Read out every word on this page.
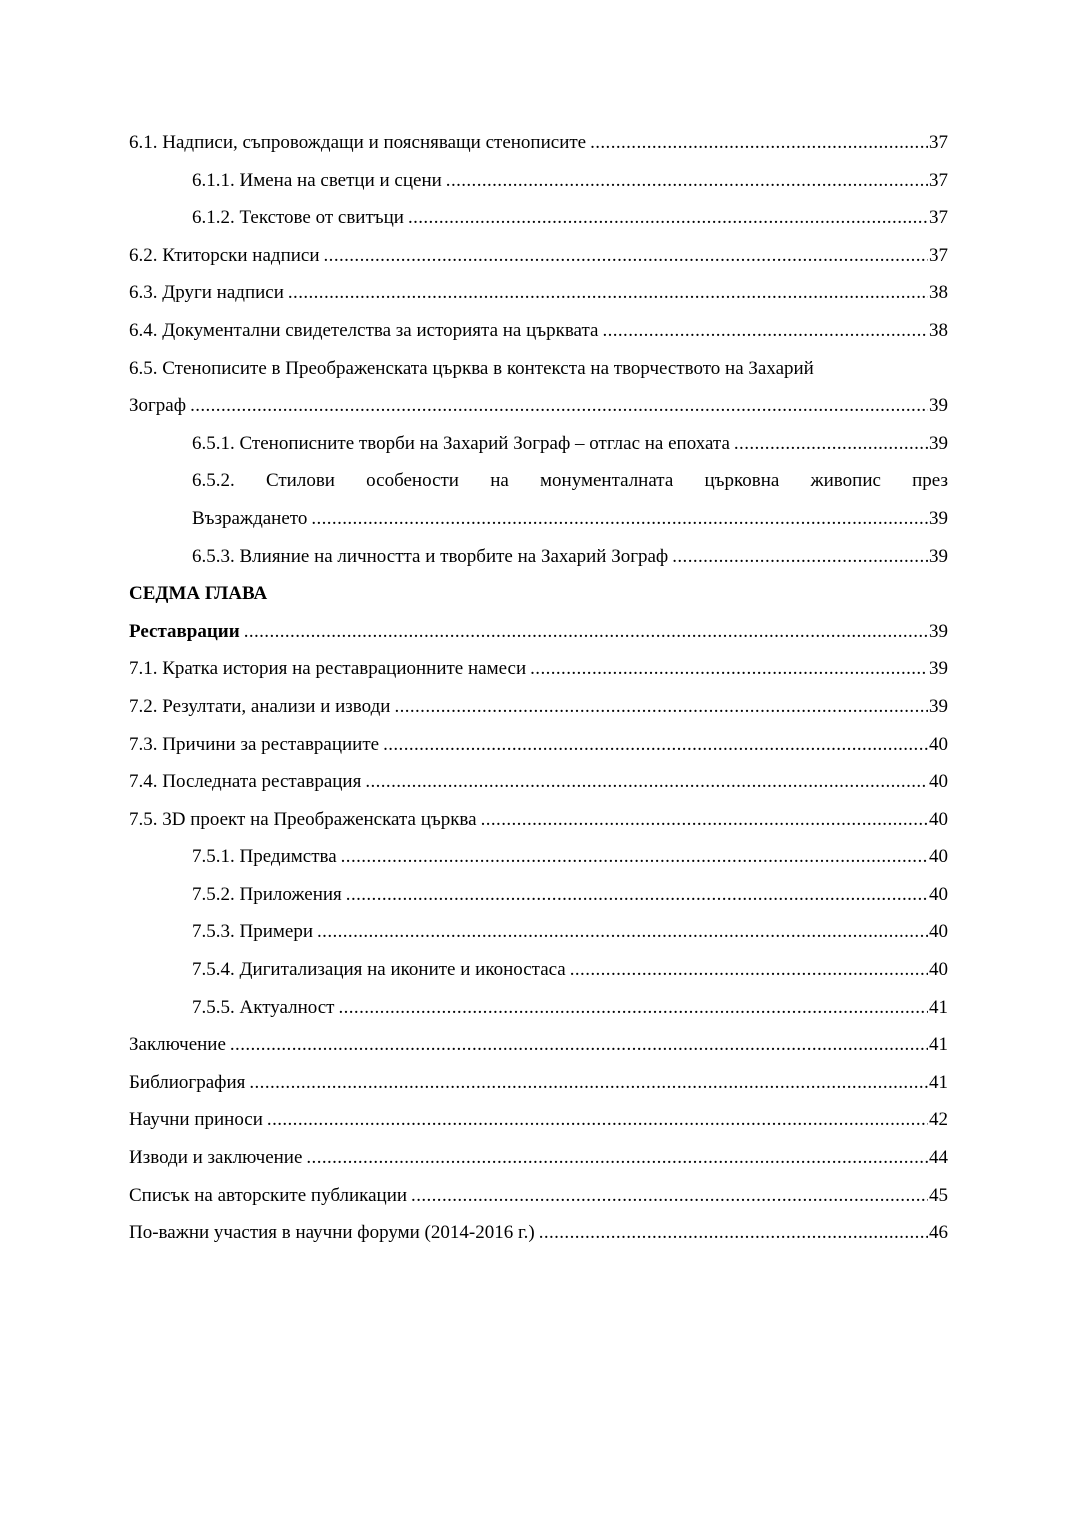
6.1. Надписи, съпровождащи и поясняващи стенописите .....	37
6.1.1. Имена на светци и сцени .....	37
6.1.2. Текстове от свитъци .....	37
6.2. Ктиторски надписи .....	37
6.3. Други надписи .....	38
6.4. Документални свидетелства за историята на църквата .....	38
6.5. Стенописите в Преображенската църква в контекста на творчеството на Захарий
Зограф .....	39
6.5.1. Стенописните творби на Захарий Зограф – отглас на епохата .....	39
6.5.2. Стилови особености на монументалната църковна живопис през
Възраждането .....	39
6.5.3. Влияние на личността и творбите на Захарий Зограф .....	39
СЕДМА ГЛАВА
Реставрации .....	39
7.1. Кратка история на реставрационните намеси .....	39
7.2. Резултати, анализи и изводи .....	39
7.3. Причини за реставрациите .....	40
7.4. Последната реставрация .....	40
7.5. 3D проект на Преображенската църква .....	40
7.5.1. Предимства .....	40
7.5.2. Приложения .....	40
7.5.3. Примери .....	40
7.5.4. Дигитализация на иконите и иконостаса .....	40
7.5.5. Актуалност .....	41
Заключение .....	41
Библиография .....	41
Научни приноси .....	42
Изводи и заключение .....	44
Списък на авторските публикации .....	45
По-важни участия в научни форуми (2014-2016 г.) .....	46
